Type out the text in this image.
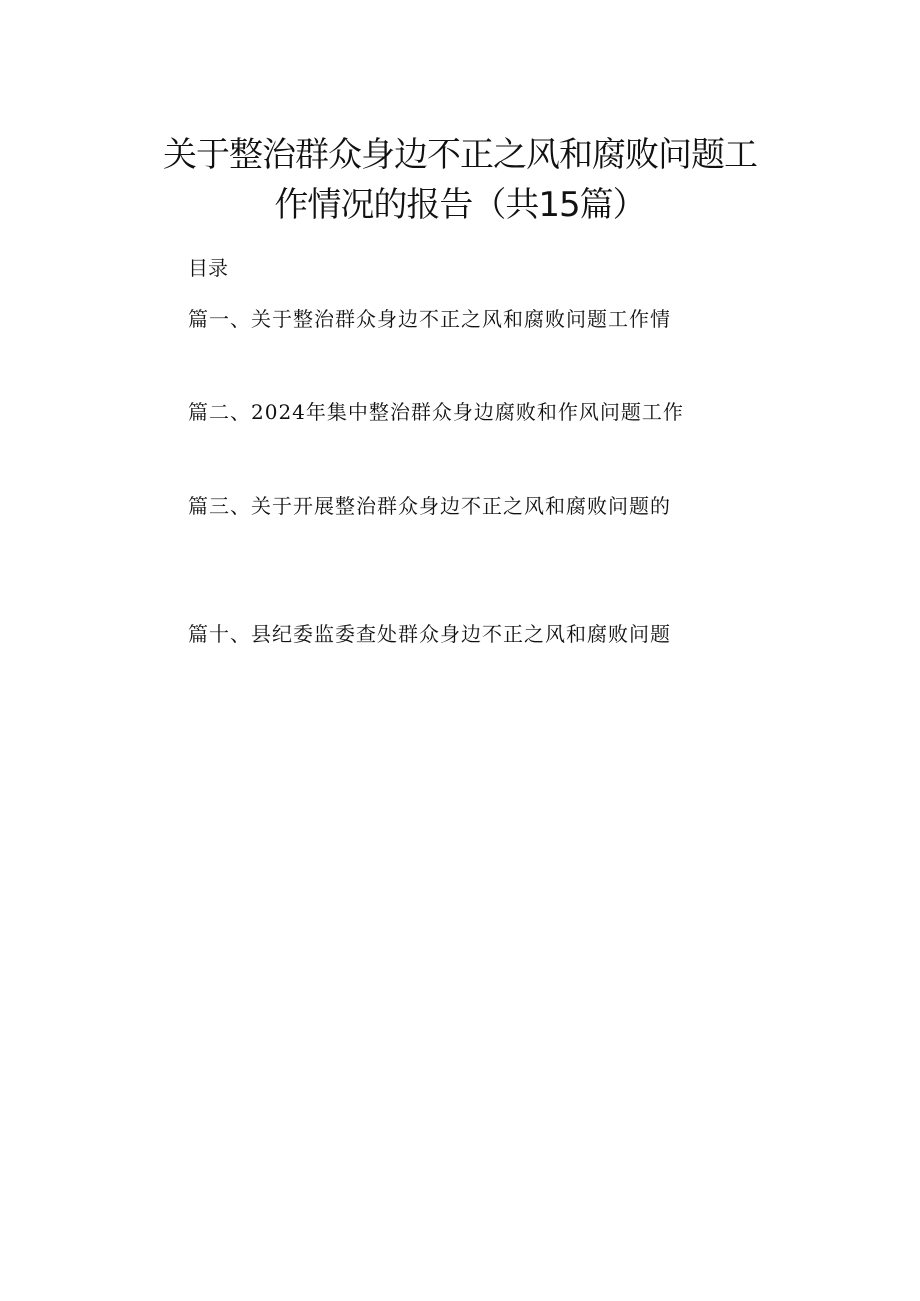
关于整治群众身边不正之风和腐败问题工
作情况的报告（共15篇）
目录
篇一、关于整治群众身边不正之风和腐败问题工作情
篇二、2024年集中整治群众身边腐败和作风问题工作
篇三、关于开展整治群众身边不正之风和腐败问题的
篇十、县纪委监委查处群众身边不正之风和腐败问题
